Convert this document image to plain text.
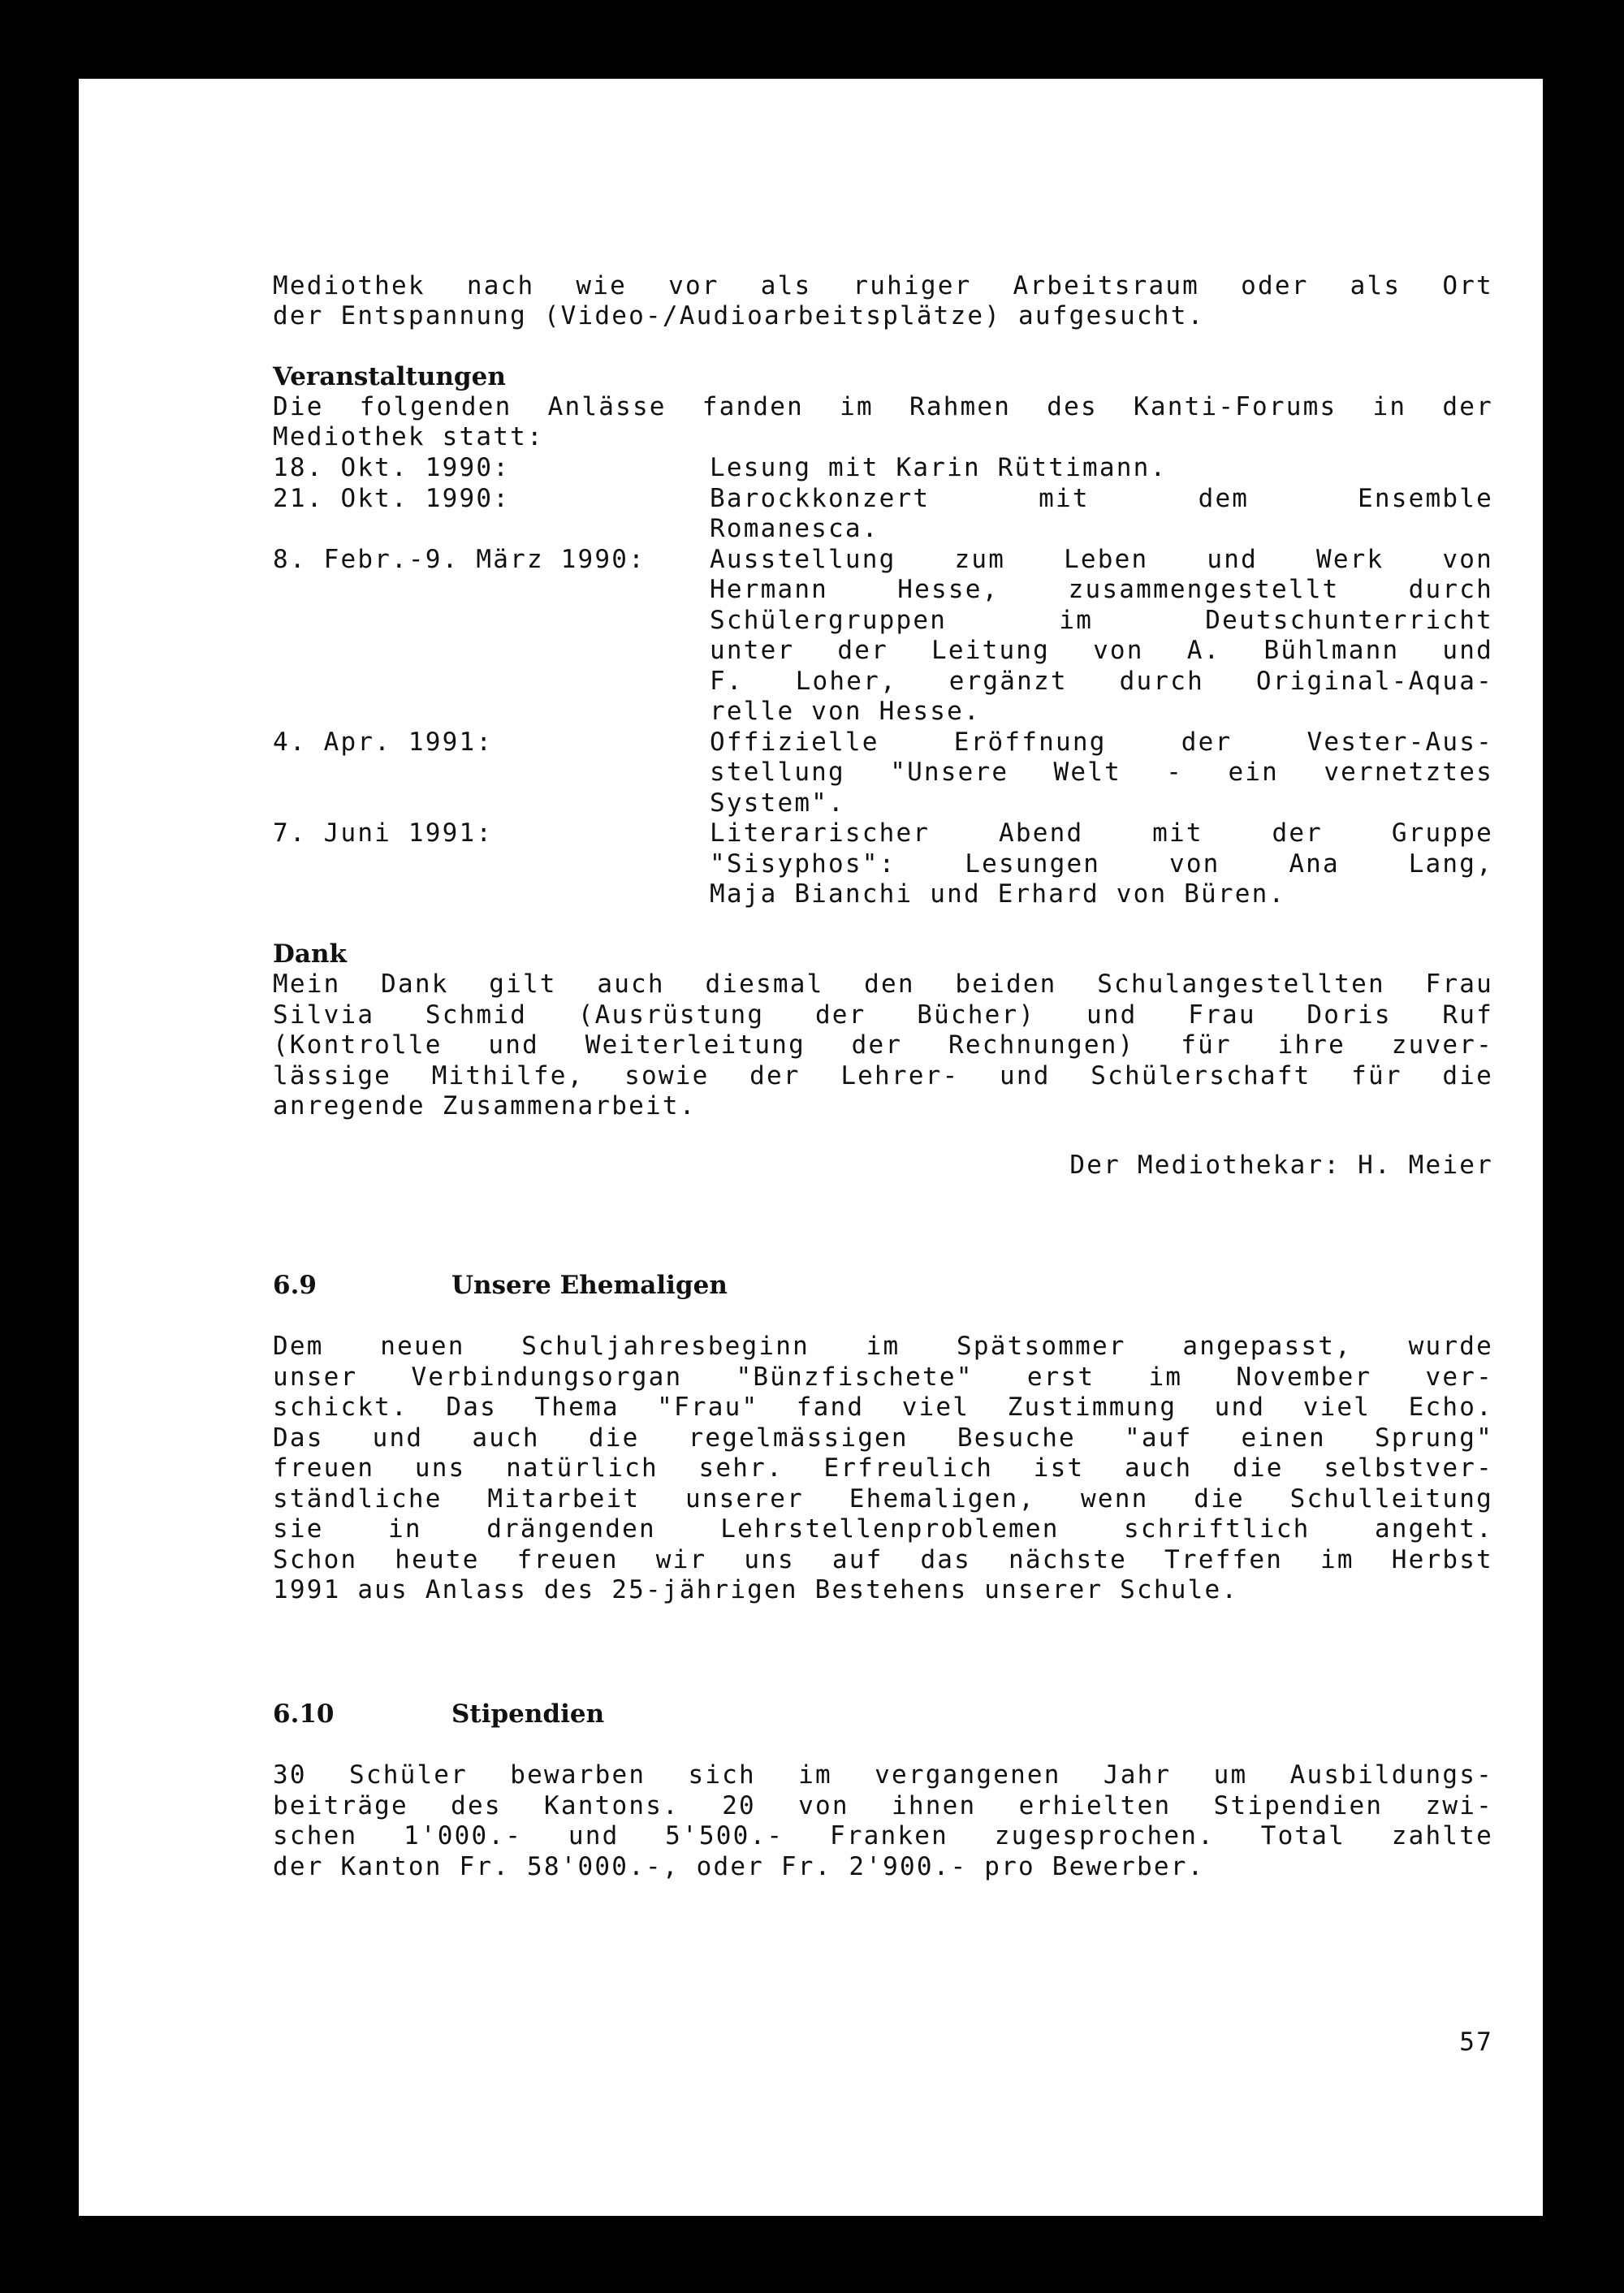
Mediothek nach wie vor als ruhiger Arbeitsraum oder als Ort
der Entspannung (Video-/Audioarbeitsplätze) aufgesucht.
Veranstaltungen
Die folgenden Anlässe fanden im Rahmen des Kanti-Forums in der
Mediothek statt:
Dank
Der Mediothekar: H. Meier
6.9	Unsere Ehemaligen
6.10	Stipendien
57
18. Okt. 1990:	Lesung mit Karin Rüttimann.
21. Okt. 1990:	Barockkonzert	mit	dem	Ensemble
Romanesca.
8. Febr.-9. März 1990:	Ausstellung zum Leben und Werk von
Hermann	Hesse,	zusammengestellt	durch
Schülergruppen	im	Deutschunterricht
unter der Leitung von A. Bühlmann und
F. Loher, ergänzt durch Original-Aqua-
relle von Hesse.
4. Apr. 1991:	Offizielle	Eröffnung	der	Vester-Aus-
stellung "Unsere Welt - ein vernetztes
System".
7. Juni 1991:	Literarischer	Abend	mit	der	Gruppe
"Sisyphos":	Lesungen	von	Ana	Lang,
Maja Bianchi und Erhard von Büren.
Mein Dank gilt auch diesmal den beiden Schulangestellten Frau
Silvia Schmid (Ausrüstung der Bücher) und Frau Doris Ruf
(Kontrolle und Weiterleitung der Rechnungen) für ihre zuver-
lässige Mithilfe, sowie der Lehrer- und Schülerschaft für die
anregende Zusammenarbeit.
Dem neuen Schuljahresbeginn im Spätsommer angepasst, wurde
unser Verbindungsorgan "Bünzfischete" erst im November ver-
schickt. Das Thema "Frau" fand viel Zustimmung und viel Echo.
Das und auch die regelmässigen Besuche "auf einen Sprung"
freuen uns natürlich sehr. Erfreulich ist auch die selbstver-
ständliche Mitarbeit unserer Ehemaligen, wenn die Schulleitung
sie	in	drängenden	Lehrstellenproblemen	schriftlich	angeht.
Schon heute freuen wir uns auf das nächste Treffen im Herbst
1991 aus Anlass des 25-jährigen Bestehens unserer Schule.
30 Schüler bewarben sich im vergangenen Jahr um Ausbildungs-
beiträge des Kantons. 20 von ihnen erhielten Stipendien zwi-
schen 1'000.- und 5'500.- Franken zugesprochen. Total zahlte
der Kanton Fr. 58'000.-, oder Fr. 2'900.- pro Bewerber.
